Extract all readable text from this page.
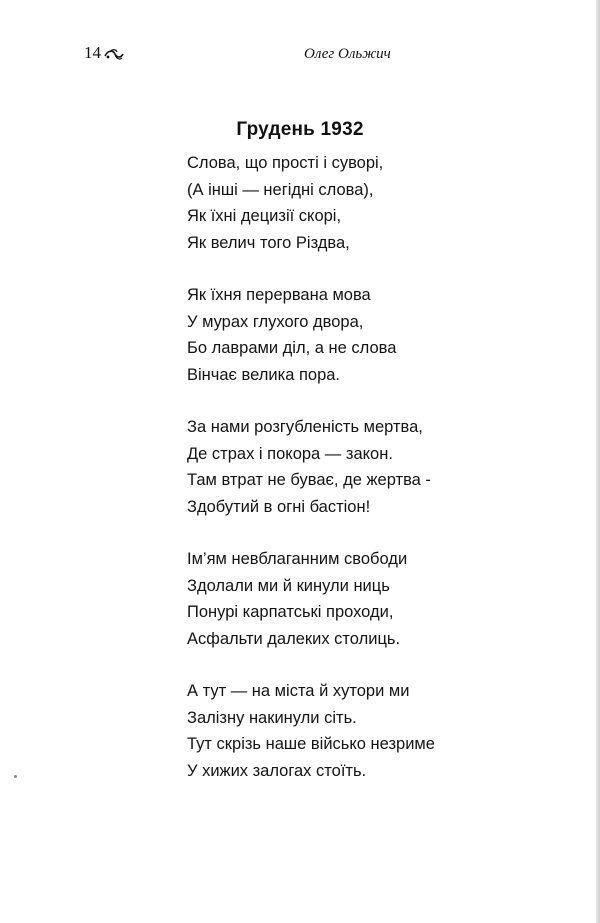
14	Олег Ольжич
Грудень 1932
Слова, що прості і суворі,
(А інші — негідні слова),
Як їхні децизії скорі,
Як велич того Різдва,
Як їхня перервана мова
У мурах глухого двора,
Бо лаврами діл, а не слова
Вінчає велика пора.
За нами розгубленість мертва,
Де страх і покора — закон.
Там втрат не буває, де жертва -
Здобутий в огні бастіон!
Ім’ям невблаганним свободи
Здолали ми й кинули ниць
Понурі карпатські проходи,
Асфальти далеких столиць.
А тут — на міста й хутори ми
Залізну накинули сіть.
Тут скрізь наше військо незриме
У хижих залогах стоїть.
